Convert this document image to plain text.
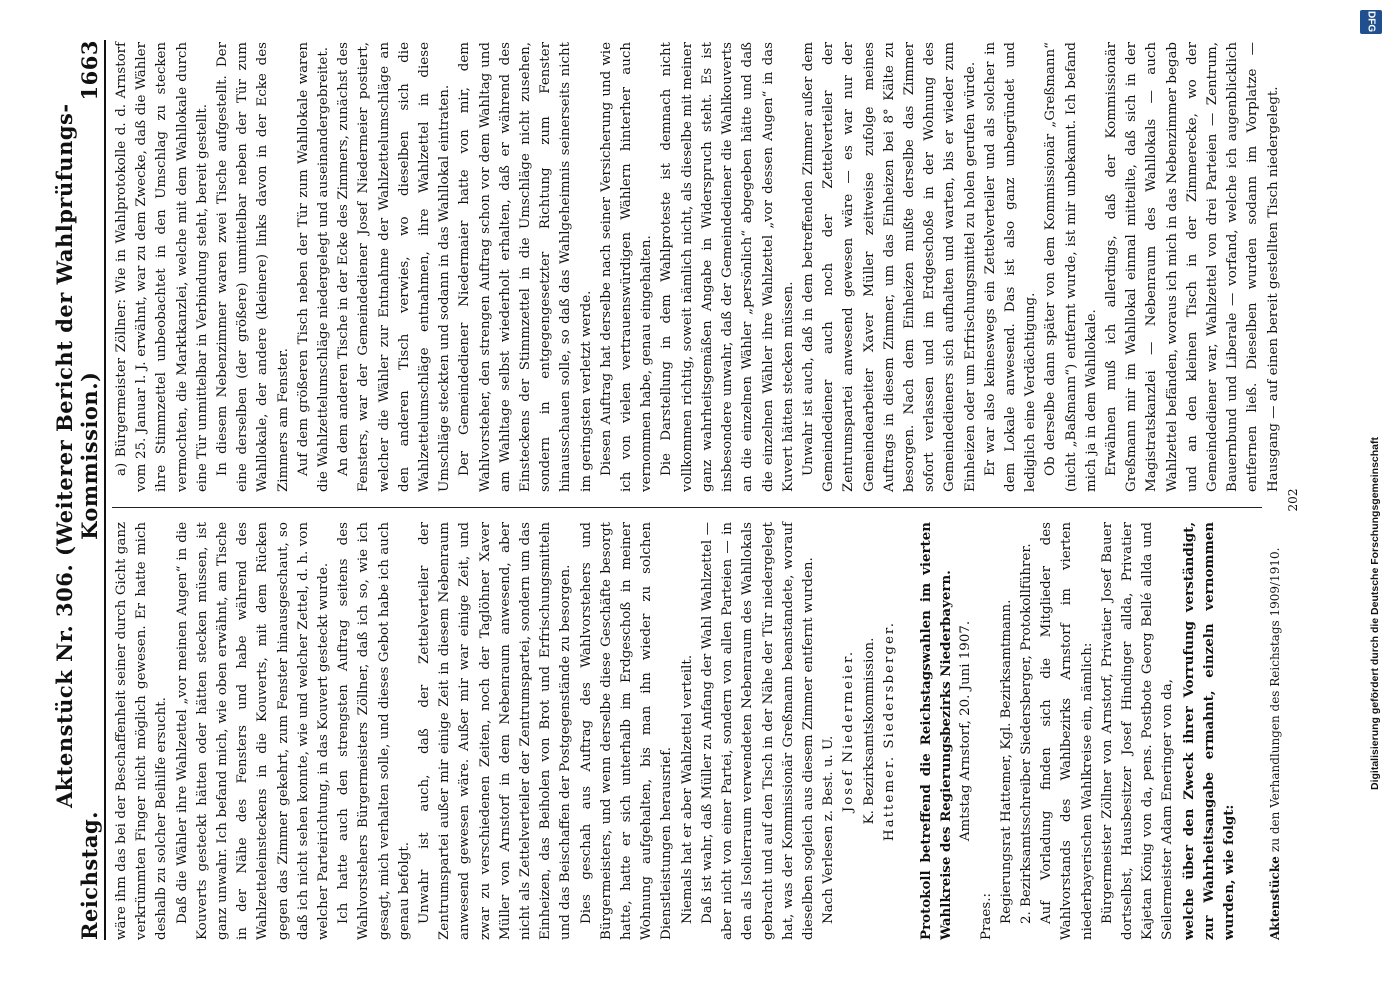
Reichstag.
Aktenstück Nr. 306. (Weiterer Bericht der Wahlprüfungs-Kommission.)
1663

wäre ihm das bei der Beschaffenheit seiner durch Gicht ganz verkrümmten Finger nicht möglich gewesen. Er hatte mich deshalb zu solcher Beihilfe ersucht. Daß die Wähler ihre Wahlzettel „vor meinen Augen“ in die Kouverts gesteckt hätten oder hätten stecken müssen, ist ganz unwahr. Ich befand mich, wie oben erwähnt, am Tische in der Nähe des Fensters und habe während des Wahlzetteleinsteckens in die Kouverts, mit dem Rücken gegen das Zimmer gekehrt, zum Fenster hinausgeschaut, so daß ich nicht sehen konnte, wie und welcher Zettel, d. h. von welcher Parteirichtung, in das Kouvert gesteckt wurde. Ich hatte auch den strengsten Auftrag seitens des Wahlvorstehers Bürgermeisters Zöllner, daß ich so, wie ich gesagt, mich verhalten solle, und dieses Gebot habe ich auch genau befolgt. Unwahr ist auch, daß der Zettelverteiler der Zentrumspartei außer mir einige Zeit in diesem Nebenraum anwesend gewesen wäre. Außer mir war einige Zeit, und zwar zu verschiedenen Zeiten, noch der Taglöhner Xaver Müller von Arnstorf in dem Nebenraum anwesend, aber nicht als Zettelverteiler der Zentrumspartei, sondern um das Einheizen, das Beiholen von Brot und Erfrischungsmitteln und das Beischaffen der Postgegenstände zu besorgen. Dies geschah aus Auftrag des Wahlvorstehers und Bürgermeisters, und wenn derselbe diese Geschäfte besorgt hatte, hatte er sich unterhalb im Erdgeschoß in meiner Wohnung aufgehalten, bis man ihn wieder zu solchen Dienstleistungen herausrief. Niemals hat er aber Wahlzettel verteilt. Daß ist wahr, daß Müller zu Anfang der Wahl Wahlzettel — aber nicht von einer Partei, sondern von allen Parteien — in den als Isolierraum verwendeten Nebenraum des Wahllokals gebracht und auf den Tisch in der Nähe der Tür niedergelegt hat, was der Kommissionär Greßmann beanstandete, worauf dieselben sogleich aus diesem Zimmer entfernt wurden. Nach Verlesen z. Best. u. U.

Josef Niedermeier. K. Bezirksamtskommission. Hattemer. Siedersberger. Protokoll betreffend die Reichstagswahlen im vierten Wahlkreise des Regierungsbezirks Niederbayern. Amtstag Arnstorf, 20. Juni 1907.

Praes.: Regierungsrat Hattemer, Kgl. Bezirksamtmann. 2. Bezirksamtsschreiber Siedersberger, Protokollführer. Auf Vorladung finden sich die Mitglieder des Wahlvorstands des Wahlbezirks Arnstorf im vierten niederbayerischen Wahlkreise ein, nämlich: Bürgermeister Zöllner von Arnstorf, Privatier Josef Bauer dortselbst, Hausbesitzer Josef Hindinger allda, Privatier Kajetan König von da, pens. Postbote Georg Bellé allda und Seilermeister Adam Eneringer von da, welche über den Zweck ihrer Vorrufung verständigt, zur Wahrheitsangabe ermahnt, einzeln vernommen wurden, wie folgt:

a) Bürgermeister Zöllner: Wie in Wahlprotokolle d. d. Arnstorf vom 25. Januar l. J. erwähnt, war zu dem Zwecke, daß die Wähler ihre Stimmzettel unbeobachtet in den Umschlag zu stecken vermochten, die Marktkanzlei, welche mit dem Wahllokale durch eine Tür unmittelbar in Verbindung steht, bereit gestellt. In diesem Nebenzimmer waren zwei Tische aufgestellt. Der eine derselben (der größere) unmittelbar neben der Tür zum Wahllokale, der andere (kleinere) links davon in der Ecke des Zimmers am Fenster. Auf dem größeren Tisch neben der Tür zum Wahllokale waren die Wahlzettelumschläge niedergelegt und auseinandergebreitet. An dem anderen Tische in der Ecke des Zimmers, zunächst des Fensters, war der Gemeindediener Josef Niedermeier postiert, welcher die Wähler zur Entnahme der Wahlzettelumschläge an den anderen Tisch verwies, wo dieselben sich die Wahlzettelumschläge entnahmen, ihre Wahlzettel in diese Umschläge steckten und sodann in das Wahllokal eintraten. Der Gemeindediener Niedermaier hatte von mir, dem Wahlvorsteher, den strengen Auftrag schon vor dem Wahltag und am Wahltage selbst wiederholt erhalten, daß er während des Einsteckens der Stimmzettel in die Umschläge nicht zusehen, sondern in entgegengesetzter Richtung zum Fenster hinausschauen solle, so daß das Wahlgeheimnis seinerseits nicht im geringsten verletzt werde. Diesen Auftrag hat derselbe nach seiner Versicherung und wie ich von vielen vertrauenswürdigen Wählern hinterher auch vernommen habe, genau eingehalten. Die Darstellung in dem Wahlproteste ist demnach nicht vollkommen richtig, soweit nämlich nicht, als dieselbe mit meiner ganz wahrheitsgemäßen Angabe in Widerspruch steht. Es ist insbesondere unwahr, daß der Gemeindediener die Wahlkouverts an die einzelnen Wähler „persönlich“ abgegeben hätte und daß die einzelnen Wähler ihre Wahlzettel „vor dessen Augen“ in das Kuvert hätten stecken müssen. Unwahr ist auch, daß in dem betreffenden Zimmer außer dem Gemeindediener auch noch der Zettelverteiler der Zentrumspartei anwesend gewesen wäre — es war nur der Gemeindearbeiter Xaver Müller zeitweise zufolge meines Auftrags in diesem Zimmer, um das Einheizen bei 8° Kälte zu besorgen. Nach dem Einheizen mußte derselbe das Zimmer sofort verlassen und im Erdgeschoße in der Wohnung des Gemeindedieners sich aufhalten und warten, bis er wieder zum Einheizen oder um Erfrischungsmittel zu holen gerufen würde. Er war also keineswegs ein Zettelverteiler und als solcher in dem Lokale anwesend. Das ist also ganz unbegründet und lediglich eine Verdächtigung. Ob derselbe dann später von dem Kommissionär „Greßmann“ (nicht „Baßmann“) entfernt wurde, ist mir unbekannt. Ich befand mich ja in dem Wahllokale. Erwähnen muß ich allerdings, daß der Kommissionär Greßmann mir im Wahllokal einmal mitteilte, daß sich in der Magistratskanzlei — Nebenraum des Wahllokals — auch Wahlzettel befänden, woraus ich mich in das Nebenzimmer begab und an den kleinen Tisch in der Zimmerecke, wo der Gemeindediener war, Wahlzettel von drei Parteien — Zentrum, Bauernbund und Liberale — vorfand, welche ich augenblicklich entfernen ließ. Dieselben wurden sodann im Vorplatze — Hausgang — auf einen bereit gestellten Tisch niedergelegt.

Aktenstücke zu den Verhandlungen des Reichstags 1909/1910.
202	Digitalisierung gefördert durch die Deutsche Forschungsgemeinschaft
DFG
